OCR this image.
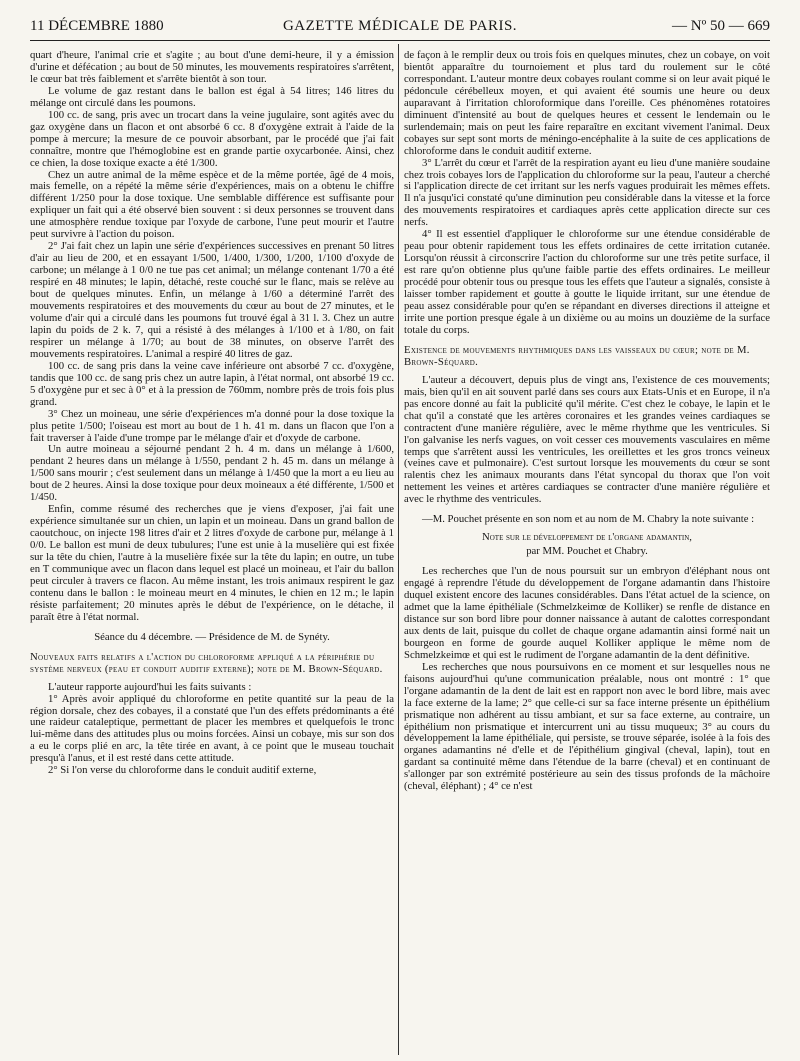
11 DÉCEMBRE 1880	GAZETTE MÉDICALE DE PARIS.	— Nº 50 — 669

quart d'heure, l'animal crie et s'agite ; au bout d'une demi-heure, il y a émission d'urine et défécation ; au bout de 50 minutes, les mouvements respiratoires s'arrêtent, le cœur bat très faiblement et s'arrête bientôt à son tour.

Le volume de gaz restant dans le ballon est égal à 54 litres; 146 litres du mélange ont circulé dans les poumons.

100 cc. de sang, pris avec un trocart dans la veine jugulaire, sont agités avec du gaz oxygène dans un flacon et ont absorbé 6 cc. 8 d'oxygène extrait à l'aide de la pompe à mercure; la mesure de ce pouvoir absorbant, par le procédé que j'ai fait connaître, montre que l'hémoglobine est en grande partie oxycarbonée. Ainsi, chez ce chien, la dose toxique exacte a été 1/300.

Chez un autre animal de la même espèce et de la même portée, âgé de 4 mois, mais femelle, on a répété la même série d'expériences, mais on a obtenu le chiffre différent 1/250 pour la dose toxique. Une semblable différence est suffisante pour expliquer un fait qui a été observé bien souvent : si deux personnes se trouvent dans une atmosphère rendue toxique par l'oxyde de carbone, l'une peut mourir et l'autre peut survivre à l'action du poison.

2° J'ai fait chez un lapin une série d'expériences successives en prenant 50 litres d'air au lieu de 200, et en essayant 1/500, 1/400, 1/300, 1/200, 1/100 d'oxyde de carbone; un mélange à 1 0/0 ne tue pas cet animal; un mélange contenant 1/70 a été respiré en 48 minutes; le lapin, détaché, reste couché sur le flanc, mais se relève au bout de quelques minutes. Enfin, un mélange à 1/60 a déterminé l'arrêt des mouvements respiratoires et des mouvements du cœur au bout de 27 minutes, et le volume d'air qui a circulé dans les poumons fut trouvé égal à 31 l. 3. Chez un autre lapin du poids de 2 k. 7, qui a résisté à des mélanges à 1/100 et à 1/80, on fait respirer un mélange à 1/70; au bout de 38 minutes, on observe l'arrêt des mouvements respiratoires. L'animal a respiré 40 litres de gaz.

100 cc. de sang pris dans la veine cave inférieure ont absorbé 7 cc. d'oxygène, tandis que 100 cc. de sang pris chez un autre lapin, à l'état normal, ont absorbé 19 cc. 5 d'oxygène pur et sec à 0° et à la pression de 760mm, nombre près de trois fois plus grand.

3° Chez un moineau, une série d'expériences m'a donné pour la dose toxique la plus petite 1/500; l'oiseau est mort au bout de 1 h. 41 m. dans un flacon que l'on a fait traverser à l'aide d'une trompe par le mélange d'air et d'oxyde de carbone.

Un autre moineau a séjourné pendant 2 h. 4 m. dans un mélange à 1/600, pendant 2 heures dans un mélange à 1/550, pendant 2 h. 45 m. dans un mélange à 1/500 sans mourir ; c'est seulement dans un mélange à 1/450 que la mort a eu lieu au bout de 2 heures. Ainsi la dose toxique pour deux moineaux a été différente, 1/500 et 1/450.

Enfin, comme résumé des recherches que je viens d'exposer, j'ai fait une expérience simultanée sur un chien, un lapin et un moineau. Dans un grand ballon de caoutchouc, on injecte 198 litres d'air et 2 litres d'oxyde de carbone pur, mélange à 1 0/0. Le ballon est muni de deux tubulures; l'une est unie à la muselière qui est fixée sur la tête du chien, l'autre à la muselière fixée sur la tête du lapin; en outre, un tube en T communique avec un flacon dans lequel est placé un moineau, et l'air du ballon peut circuler à travers ce flacon. Au même instant, les trois animaux respirent le gaz contenu dans le ballon : le moineau meurt en 4 minutes, le chien en 12 m.; le lapin résiste parfaitement; 20 minutes après le début de l'expérience, on le détache, il paraît être à l'état normal.

Séance du 4 décembre. — Présidence de M. de Synéty.

Nouveaux faits relatifs a l'action du chloroforme appliqué a la périphérie du système nerveux (peau et conduit auditif externe); note de M. Brown-Séquard.

L'auteur rapporte aujourd'hui les faits suivants :

1° Après avoir appliqué du chloroforme en petite quantité sur la peau de la région dorsale, chez des cobayes, il a constaté que l'un des effets prédominants a été une raideur cataleptique, permettant de placer les membres et quelquefois le tronc lui-même dans des attitudes plus ou moins forcées. Ainsi un cobaye, mis sur son dos a eu le corps plié en arc, la tête tirée en avant, à ce point que le museau touchait presqu'à l'anus, et il est resté dans cette attitude.

2° Si l'on verse du chloroforme dans le conduit auditif externe,

de façon à le remplir deux ou trois fois en quelques minutes, chez un cobaye, on voit bientôt apparaître du tournoiement et plus tard du roulement sur le côté correspondant. L'auteur montre deux cobayes roulant comme si on leur avait piqué le pédoncule cérébelleux moyen, et qui avaient été soumis une heure ou deux auparavant à l'irritation chloroformique dans l'oreille. Ces phénomènes rotatoires diminuent d'intensité au bout de quelques heures et cessent le lendemain ou le surlendemain; mais on peut les faire reparaître en excitant vivement l'animal. Deux cobayes sur sept sont morts de méningo-encéphalite à la suite de ces applications de chloroforme dans le conduit auditif externe.

3° L'arrêt du cœur et l'arrêt de la respiration ayant eu lieu d'une manière soudaine chez trois cobayes lors de l'application du chloroforme sur la peau, l'auteur a cherché si l'application directe de cet irritant sur les nerfs vagues produirait les mêmes effets. Il n'a jusqu'ici constaté qu'une diminution peu considérable dans la vitesse et la force des mouvements respiratoires et cardiaques après cette application directe sur ces nerfs.

4° Il est essentiel d'appliquer le chloroforme sur une étendue considérable de peau pour obtenir rapidement tous les effets ordinaires de cette irritation cutanée. Lorsqu'on réussit à circonscrire l'action du chloroforme sur une très petite surface, il est rare qu'on obtienne plus qu'une faible partie des effets ordinaires. Le meilleur procédé pour obtenir tous ou presque tous les effets que l'auteur a signalés, consiste à laisser tomber rapidement et goutte à goutte le liquide irritant, sur une étendue de peau assez considérable pour qu'en se répandant en diverses directions il atteigne et irrite une portion presque égale à un dixième ou au moins un douzième de la surface totale du corps.

Existence de mouvements rhythmiques dans les vaisseaux du cœur; note de M. Brown-Séquard.

L'auteur a découvert, depuis plus de vingt ans, l'existence de ces mouvements; mais, bien qu'il en ait souvent parlé dans ses cours aux Etats-Unis et en Europe, il n'a pas encore donné au fait la publicité qu'il mérite. C'est chez le cobaye, le lapin et le chat qu'il a constaté que les artères coronaires et les grandes veines cardiaques se contractent d'une manière régulière, avec le même rhythme que les ventricules. Si l'on galvanise les nerfs vagues, on voit cesser ces mouvements vasculaires en même temps que s'arrêtent aussi les ventricules, les oreillettes et les gros troncs veineux (veines cave et pulmonaire). C'est surtout lorsque les mouvements du cœur se sont ralentis chez les animaux mourants dans l'état syncopal du thorax que l'on voit nettement les veines et artères cardiaques se contracter d'une manière régulière et avec le rhythme des ventricules.

—M. Pouchet présente en son nom et au nom de M. Chabry la note suivante :

Note sur le développement de l'organe adamantin,

par MM. Pouchet et Chabry.

Les recherches que l'un de nous poursuit sur un embryon d'éléphant nous ont engagé à reprendre l'étude du développement de l'organe adamantin dans l'histoire duquel existent encore des lacunes considérables. Dans l'état actuel de la science, on admet que la lame épithéliale (Schmelzkeimœ de Kolliker) se renfle de distance en distance sur son bord libre pour donner naissance à autant de calottes correspondant aux dents de lait, puisque du collet de chaque organe adamantin ainsi formé nait un bourgeon en forme de gourde auquel Kolliker applique le même nom de Schmelzkeimœ et qui est le rudiment de l'organe adamantin de la dent définitive.

Les recherches que nous poursuivons en ce moment et sur lesquelles nous ne faisons aujourd'hui qu'une communication préalable, nous ont montré : 1° que l'organe adamantin de la dent de lait est en rapport non avec le bord libre, mais avec la face externe de la lame; 2° que celle-ci sur sa face interne présente un épithélium prismatique non adhérent au tissu ambiant, et sur sa face externe, au contraire, un épithélium non prismatique et intercurrent uni au tissu muqueux; 3° au cours du développement la lame épithéliale, qui persiste, se trouve séparée, isolée à la fois des organes adamantins né d'elle et de l'épithélium gingival (cheval, lapin), tout en gardant sa continuité même dans l'étendue de la barre (cheval) et en continuant de s'allonger par son extrémité postérieure au sein des tissus profonds de la mâchoire (cheval, éléphant) ; 4° ce n'est
